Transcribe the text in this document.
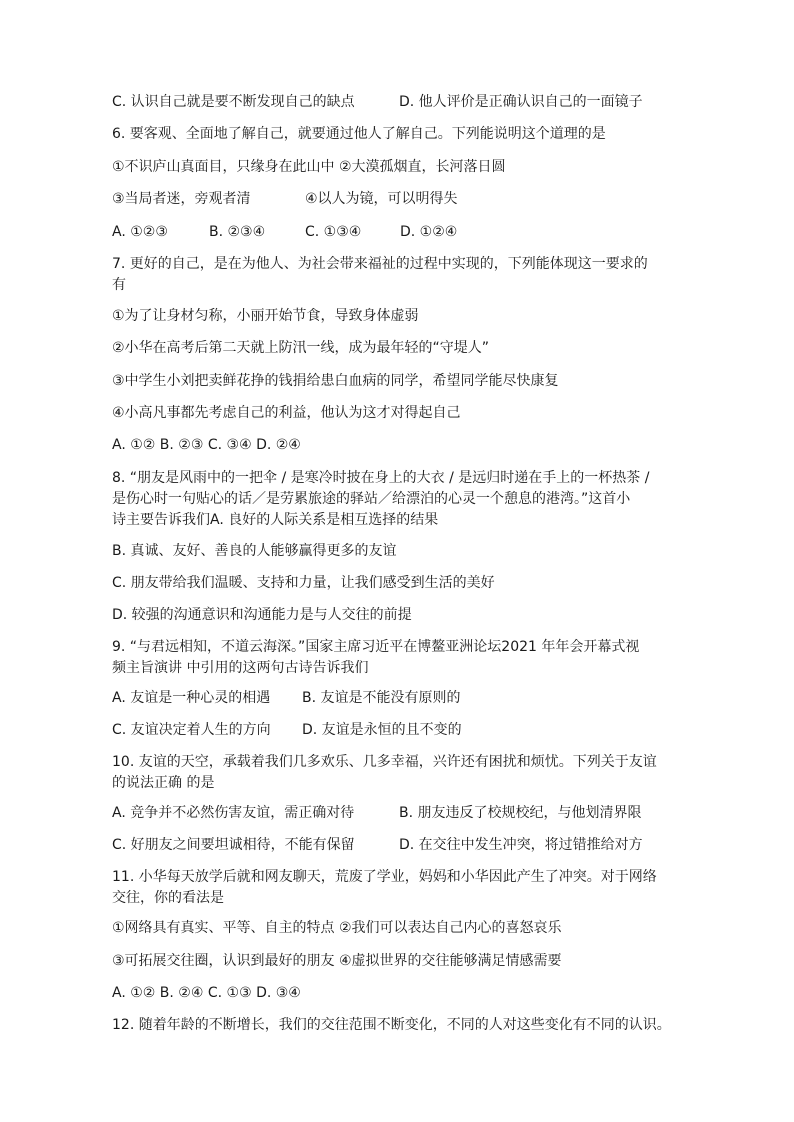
C. 认识自己就是要不断发现自己的缺点	D. 他人评价是正确认识自己的一面镜子
6. 要客观、全面地了解自己，就要通过他人了解自己。下列能说明这个道理的是
①不识庐山真面目，只缘身在此山中 ②大漠孤烟直，长河落日圆
③当局者迷，旁观者清	④以人为镜，可以明得失
A. ①②③	B. ②③④	C. ①③④	D. ①②④
7. 更好的自己，是在为他人、为社会带来福祉的过程中实现的，下列能体现这一要求的
有
①为了让身材匀称，小丽开始节食，导致身体虚弱
②小华在高考后第二天就上防汛一线，成为最年轻的“守堤人”
③中学生小刘把卖鲜花挣的钱捐给患白血病的同学，希望同学能尽快康复
④小高凡事都先考虑自己的利益，他认为这才对得起自己
A. ①② B. ②③ C. ③④ D. ②④
8. “朋友是风雨中的一把伞 / 是寒冷时披在身上的大衣 / 是远归时递在手上的一杯热茶 /
是伤心时一句贴心的话／是劳累旅途的驿站／给漂泊的心灵一个憩息的港湾。”这首小
诗主要告诉我们A. 良好的人际关系是相互选择的结果
B. 真诚、友好、善良的人能够赢得更多的友谊
C. 朋友带给我们温暖、支持和力量，让我们感受到生活的美好
D. 较强的沟通意识和沟通能力是与人交往的前提
9. “与君远相知，不道云海深。”国家主席习近平在博鳌亚洲论坛2021 年年会开幕式视
频主旨演讲 中引用的这两句古诗告诉我们
A. 友谊是一种心灵的相遇 B. 友谊是不能没有原则的
C. 友谊决定着人生的方向 D. 友谊是永恒的且不变的
10. 友谊的天空，承载着我们几多欢乐、几多幸福，兴许还有困扰和烦忧。下列关于友谊
的说法正确 的是
A. 竞争并不必然伤害友谊，需正确对待	B. 朋友违反了校规校纪，与他划清界限
C. 好朋友之间要坦诚相待，不能有保留	D. 在交往中发生冲突，将过错推给对方
11. 小华每天放学后就和网友聊天，荒废了学业，妈妈和小华因此产生了冲突。对于网络
交往，你的看法是
①网络具有真实、平等、自主的特点 ②我们可以表达自己内心的喜怒哀乐
③可拓展交往圈，认识到最好的朋友 ④虚拟世界的交往能够满足情感需要
A. ①② B. ②④ C. ①③ D. ③④
12. 随着年龄的不断增长，我们的交往范围不断变化，不同的人对这些变化有不同的认识。
